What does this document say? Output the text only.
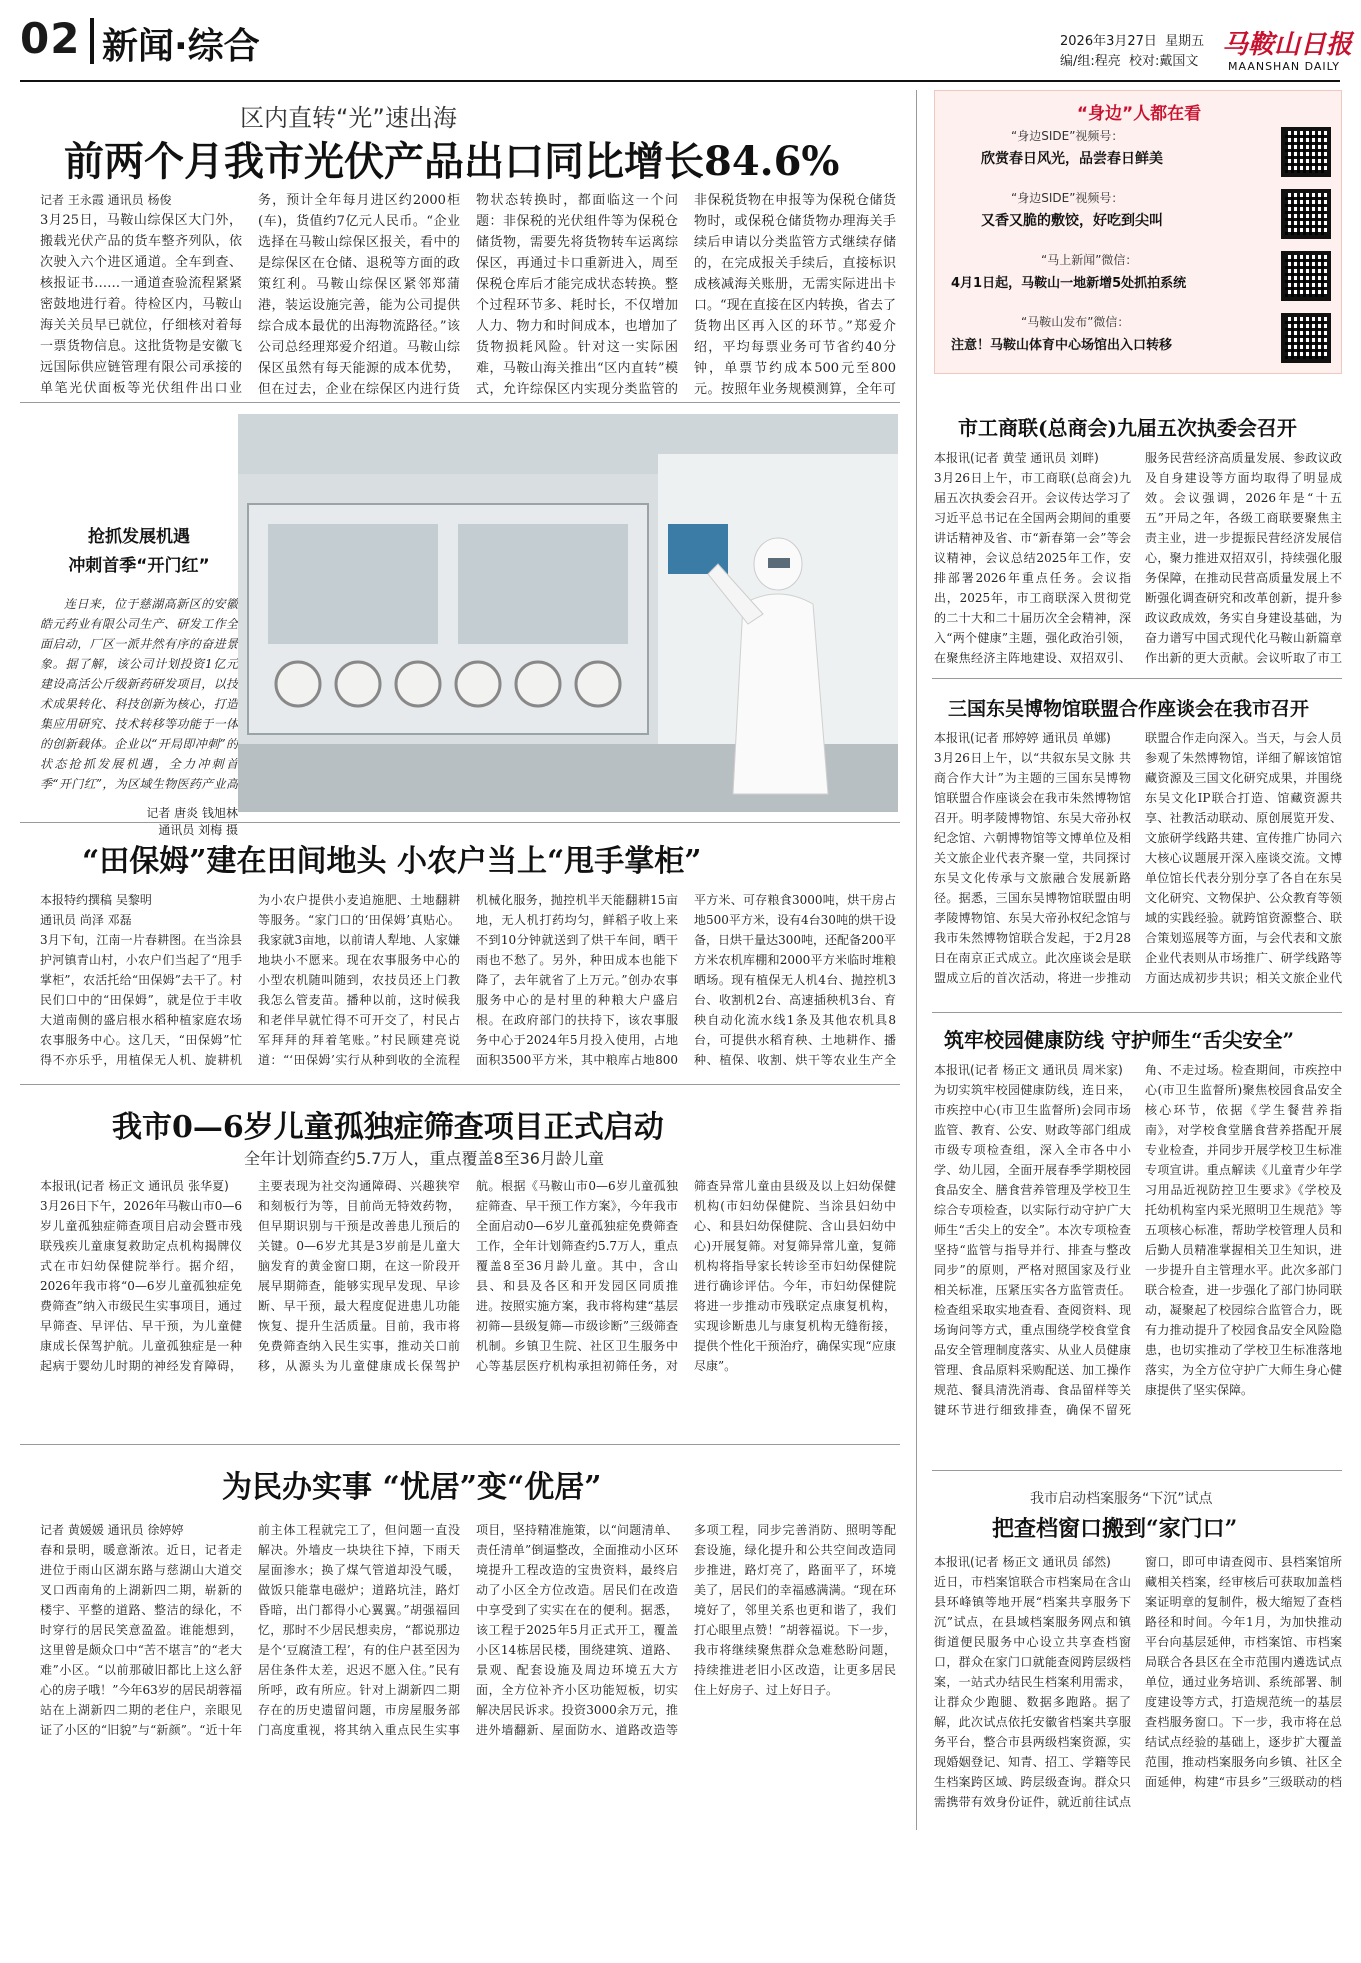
02 新闻·综合	2026年3月27日 星期五
编/组:程亮 校对:戴国文
马鞍山日报
MAANSHAN DAILY
区内直转“光”速出海
前两个月我市光伏产品出口同比增长84.6%
记者 王永霞 通讯员 杨俊
3月25日，马鞍山综保区大门外，搬载光伏产品的货车整齐列队，依次驶入六个进区通道。全车到查、核报证书……一通道查验流程紧紧密鼓地进行着。待检区内，马鞍山海关关员早已就位，仔细核对着每一票货物信息。这批货物是安徽飞远国际供应链管理有限公司承接的单笔光伏面板等光伏组件出口业务，预计全年每月进区约2000柜(车)，货值约7亿元人民币。“企业选择在马鞍山综保区报关，看中的是综保区在仓储、退税等方面的政策红利。马鞍山综保区紧邻郑蒲港，装运设施完善，能为公司提供综合成本最优的出海物流路径。”该公司总经理郑爱介绍道。马鞍山综保区虽然有每天能源的成本优势，但在过去，企业在综保区内进行货物状态转换时，都面临这一个问题：非保税的光伏组件等为保税仓储货物，需要先将货物转车运离综保区，再通过卡口重新进入，周至保税仓库后才能完成状态转换。整个过程环节多、耗时长，不仅增加人力、物力和时间成本，也增加了货物损耗风险。针对这一实际困难，马鞍山海关推出“区内直转”模式，允许综保区内实现分类监管的非保税货物在申报等为保税仓储货物时，或保税仓储货物办理海关手续后申请以分类监管方式继续存储的，在完成报关手续后，直接标识成核减海关账册，无需实际进出卡口。“现在直接在区内转换，省去了货物出区再入区的环节。”郑爱介绍，平均每票业务可节省约40分钟，单票节约成本500元至800元。按照年业务规模测算，全年可
“身边”人都在看
“身边SIDE”视频号：
欣赏春日风光，品尝春日鲜美
“身边SIDE”视频号：
又香又脆的敷饺，好吃到尖叫
“马上新闻”微信：
4月1日起，马鞍山一地新增5处抓拍系统
“马鞍山发布”微信：
注意！马鞍山体育中心场馆出入口转移
抢抓发展机遇
冲刺首季“开门红”
连日来，位于慈湖高新区的安徽皓元药业有限公司生产、研发工作全面启动，厂区一派井然有序的奋进景象。据了解，该公司计划投资1亿元建设高活公斤级新药研发项目，以技术成果转化、科技创新为核心，打造集应用研究、技术转移等功能于一体的创新载体。企业以“开局即冲刺”的状态抢抓发展机遇，全力冲刺首季“开门红”，为区域生物医药产业高
记者 唐炎 钱旭林
通讯员 刘梅 摄
市工商联(总商会)九届五次执委会召开
本报讯(记者 黄莹 通讯员 刘畔)
3月26日上午，市工商联(总商会)九届五次执委会召开。会议传达学习了习近平总书记在全国两会期间的重要讲话精神及省、市“新春第一会”等会议精神，会议总结2025年工作，安排部署2026年重点任务。会议指出，2025年，市工商联深入贯彻党的二十大和二十届历次全会精神，深入“两个健康”主题，强化政治引领，在聚焦经济主阵地建设、双招双引、服务民营经济高质量发展、参政议政及自身建设等方面均取得了明显成效。会议强调，2026年是“十五五”开局之年，各级工商联要聚焦主责主业，进一步提振民营经济发展信心，聚力推进双招双引，持续强化服务保障，在推动民营高质量发展上不断强化调查研究和改革创新，提升参政议政成效，务实自身建设基础，为奋力谱写中国式现代化马鞍山新篇章作出新的更大贡献。会议听取了市工
三国东吴博物馆联盟合作座谈会在我市召开
本报讯(记者 邢婷婷 通讯员 单娜)
3月26日上午，以“共叙东吴文脉 共商合作大计”为主题的三国东吴博物馆联盟合作座谈会在我市朱然博物馆召开。明孝陵博物馆、东吴大帝孙权纪念馆、六朝博物馆等文博单位及相关文旅企业代表齐聚一堂，共同探讨东吴文化传承与文旅融合发展新路径。据悉，三国东吴博物馆联盟由明孝陵博物馆、东吴大帝孙权纪念馆与我市朱然博物馆联合发起，于2月28日在南京正式成立。此次座谈会是联盟成立后的首次活动，将进一步推动联盟合作走向深入。当天，与会人员参观了朱然博物馆，详细了解该馆馆藏资源及三国文化研究成果，并围绕东吴文化IP联合打造、馆藏资源共享、社教活动联动、原创展览开发、文旅研学线路共建、宣传推广协同六大核心议题展开深入座谈交流。文博单位馆长代表分别分享了各自在东吴文化研究、文物保护、公众教育等领域的实践经验。就跨馆资源整合、联合策划巡展等方面，与会代表和文旅企业代表则从市场推广、研学线路等方面达成初步共识；相关文旅企业代
“田保姆”建在田间地头 小农户当上“甩手掌柜”
本报特约撰稿 吴黎明
通讯员 尚泽 邓磊
3月下旬，江南一片春耕图。在当涂县护河镇青山村，小农户们当起了“甩手掌柜”，农活托给“田保姆”去干了。村民们口中的“田保姆”，就是位于丰收大道南侧的盛启根水稻种植家庭农场农事服务中心。这几天，“田保姆”忙得不亦乐乎，用植保无人机、旋耕机为小农户提供小麦追施肥、土地翻耕等服务。“家门口的‘田保姆’真贴心。我家就3亩地，以前请人犁地、人家嫌地块小不愿来。现在农事服务中心的小型农机随叫随到，农技员还上门教我怎么管麦苗。播种以前，这时候我和老伴早就忙得不可开交了，村民占军拜拜的拜着笔账。”村民顾建亮说道：“‘田保姆’实行从种到收的全流程机械化服务，抛控机半天能翻耕15亩地，无人机打药均匀，鲜稻子收上来不到10分钟就送到了烘干车间，晒干雨也不愁了。另外，种田成本也能下降了，去年就省了上万元。”创办农事服务中心的是村里的种粮大户盛启根。在政府部门的扶持下，该农事服务中心于2024年5月投入使用，占地面积3500平方米，其中粮库占地800平方米、可存粮食3000吨，烘干房占地500平方米，设有4台30吨的烘干设备，日烘干量达300吨，还配备200平方米农机库棚和2000平方米临时堆粮晒场。现有植保无人机4台、抛控机3台、收割机2台、高速插秧机3台、育秧自动化流水线1条及其他农机具8台，可提供水稻育秧、土地耕作、播种、植保、收割、烘干等农业生产全
筑牢校园健康防线 守护师生“舌尖安全”
本报讯(记者 杨正文 通讯员 周米家)
为切实筑牢校园健康防线，连日来，市疾控中心(市卫生监督所)会同市场监管、教育、公安、财政等部门组成市级专项检查组，深入全市各中小学、幼儿园，全面开展春季学期校园食品安全、膳食营养管理及学校卫生综合专项检查，以实际行动守护广大师生“舌尖上的安全”。本次专项检查坚持“监管与指导并行、排查与整改同步”的原则，严格对照国家及行业相关标准，压紧压实各方监管责任。检查组采取实地查看、查阅资料、现场询问等方式，重点围绕学校食堂食品安全管理制度落实、从业人员健康管理、食品原料采购配送、加工操作规范、餐具清洗消毒、食品留样等关键环节进行细致排查，确保不留死角、不走过场。检查期间，市疾控中心(市卫生监督所)聚焦校园食品安全核心环节，依据《学生餐营养指南》，对学校食堂膳食营养搭配开展专业检查，并同步开展学校卫生标准专项宣讲。重点解读《儿童青少年学习用品近视防控卫生要求》《学校及托幼机构室内采光照明卫生规范》等五项核心标准，帮助学校管理人员和后勤人员精准掌握相关卫生知识，进一步提升自主管理水平。此次多部门联合检查，进一步强化了部门协同联动，凝聚起了校园综合监管合力，既有力推动提升了校园食品安全风险隐患，也切实推动了学校卫生标准落地落实，为全方位守护广大师生身心健康提供了坚实保障。
我市0—6岁儿童孤独症筛查项目正式启动
全年计划筛查约5.7万人，重点覆盖8至36月龄儿童
本报讯(记者 杨正文 通讯员 张华夏)
3月26日下午，2026年马鞍山市0—6岁儿童孤独症筛查项目启动会暨市残联残疾儿童康复救助定点机构揭牌仪式在市妇幼保健院举行。据介绍，2026年我市将“0—6岁儿童孤独症免费筛查”纳入市级民生实事项目，通过早筛查、早评估、早干预，为儿童健康成长保驾护航。儿童孤独症是一种起病于婴幼儿时期的神经发育障碍，主要表现为社交沟通障碍、兴趣狭窄和刻板行为等，目前尚无特效药物，但早期识别与干预是改善患儿预后的关键。0—6岁尤其是3岁前是儿童大脑发育的黄金窗口期，在这一阶段开展早期筛查，能够实现早发现、早诊断、早干预，最大程度促进患儿功能恢复、提升生活质量。目前，我市将免费筛查纳入民生实事，推动关口前移，从源头为儿童健康成长保驾护航。根据《马鞍山市0—6岁儿童孤独症筛查、早干预工作方案》，今年我市全面启动0—6岁儿童孤独症免费筛查工作，全年计划筛查约5.7万人，重点覆盖8至36月龄儿童。其中，含山县、和县及各区和开发园区同质推进。按照实施方案，我市将构建“基层初筛—县级复筛—市级诊断”三级筛查机制。乡镇卫生院、社区卫生服务中心等基层医疗机构承担初筛任务，对筛查异常儿童由县级及以上妇幼保健机构(市妇幼保健院、当涂县妇幼中心、和县妇幼保健院、含山县妇幼中心)开展复筛。对复筛异常儿童，复筛机构将指导家长转诊至市妇幼保健院进行确诊评估。今年，市妇幼保健院将进一步推动市残联定点康复机构，实现诊断患儿与康复机构无缝衔接，提供个性化干预治疗，确保实现“应康尽康”。
为民办实事 “忧居”变“优居”
记者 黄媛媛 通讯员 徐婷婷
春和景明，暖意渐浓。近日，记者走进位于雨山区湖东路与慈湖山大道交叉口西南角的上湖新四二期，崭新的楼宇、平整的道路、整洁的绿化，不时穿行的居民笑意盈盈。谁能想到，这里曾是颇众口中“苦不堪言”的“老大难”小区。“以前那破旧都比上这么舒心的房子哦！”今年63岁的居民胡蓉福站在上湖新四二期的老住户，亲眼见证了小区的“旧貌”与“新颜”。“近十年前主体工程就完工了，但问题一直没解决。外墙皮一块块往下掉，下雨天屋面渗水；换了煤气管道却没气暖，做饭只能靠电磁炉；道路坑洼，路灯昏暗，出门都得小心翼翼。”胡强福回忆，那时不少居民想卖房，“都说那边是个‘豆腐渣工程’，有的住户甚至因为居住条件太差，迟迟不愿入住。”民有所呼，政有所应。针对上湖新四二期存在的历史遗留问题，市房屋服务部门高度重视，将其纳入重点民生实事项目，坚持精准施策，以“问题清单、责任清单”倒逼整改，全面推动小区环境提升工程改造的宝贵资料，最终启动了小区全方位改造。居民们在改造中享受到了实实在在的便利。据悉，该工程于2025年5月正式开工，覆盖小区14栋居民楼，围绕建筑、道路、景观、配套设施及周边环境五大方面，全方位补齐小区功能短板，切实解决居民诉求。投资3000余万元，推进外墙翻新、屋面防水、道路改造等多项工程，同步完善消防、照明等配套设施，绿化提升和公共空间改造同步推进，路灯亮了，路面平了，环境美了，居民们的幸福感满满。“现在环境好了，邻里关系也更和谐了，我们打心眼里点赞！”胡蓉福说。下一步，我市将继续聚焦群众急难愁盼问题，持续推进老旧小区改造，让更多居民住上好房子、过上好日子。
我市启动档案服务“下沉”试点
把查档窗口搬到“家门口”
本报讯(记者 杨正文 通讯员 邰然)
近日，市档案馆联合市档案局在含山县环峰镇等地开展“档案共享服务下沉”试点，在县域档案服务网点和镇街道便民服务中心设立共享查档窗口，群众在家门口就能查阅跨层级档案，一站式办结民生档案利用需求，让群众少跑腿、数据多跑路。据了解，此次试点依托安徽省档案共享服务平台，整合市县两级档案资源，实现婚姻登记、知青、招工、学籍等民生档案跨区域、跨层级查询。群众只需携带有效身份证件，就近前往试点窗口，即可申请查阅市、县档案馆所藏相关档案，经审核后可获取加盖档案证明章的复制件，极大缩短了查档路径和时间。今年1月，为加快推动平台向基层延伸，市档案馆、市档案局联合各县区在全市范围内遴选试点单位，通过业务培训、系统部署、制度建设等方式，打造规范统一的基层查档服务窗口。下一步，我市将在总结试点经验的基础上，逐步扩大覆盖范围，推动档案服务向乡镇、社区全面延伸，构建“市县乡”三级联动的档
